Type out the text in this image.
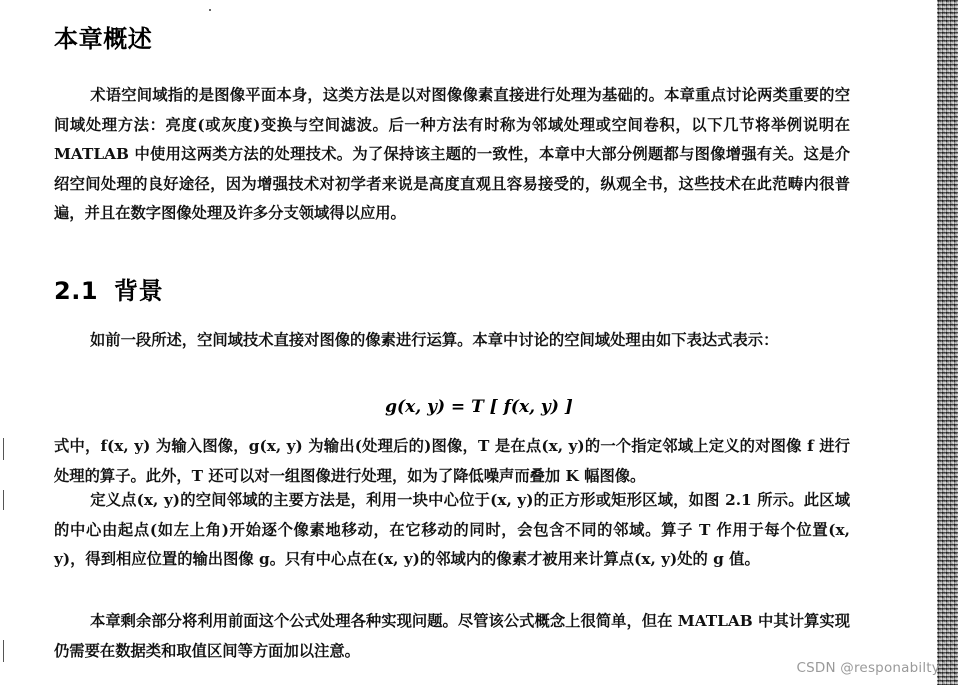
本章概述

术语空间域指的是图像平面本身，这类方法是以对图像像素直接进行处理为基础的。本章重点讨论两类重要的空间域处理方法：亮度(或灰度)变换与空间滤波。后一种方法有时称为邻域处理或空间卷积，以下几节将举例说明在 MATLAB 中使用这两类方法的处理技术。为了保持该主题的一致性，本章中大部分例题都与图像增强有关。这是介绍空间处理的良好途径，因为增强技术对初学者来说是高度直观且容易接受的，纵观全书，这些技术在此范畴内很普遍，并且在数字图像处理及许多分支领域得以应用。

2.1 背景

如前一段所述，空间域技术直接对图像的像素进行运算。本章中讨论的空间域处理由如下表达式表示：

g(x, y) = T [ f(x, y) ]

式中，f(x, y) 为输入图像，g(x, y) 为输出(处理后的)图像，T 是在点(x, y)的一个指定邻域上定义的对图像 f 进行处理的算子。此外，T 还可以对一组图像进行处理，如为了降低噪声而叠加 K 幅图像。

定义点(x, y)的空间邻域的主要方法是，利用一块中心位于(x, y)的正方形或矩形区域，如图 2.1 所示。此区域的中心由起点(如左上角)开始逐个像素地移动，在它移动的同时，会包含不同的邻域。算子 T 作用于每个位置(x, y)，得到相应位置的输出图像 g。只有中心点在(x, y)的邻域内的像素才被用来计算点(x, y)处的 g 值。

本章剩余部分将利用前面这个公式处理各种实现问题。尽管该公式概念上很简单，但在 MATLAB 中其计算实现仍需要在数据类和取值区间等方面加以注意。

CSDN @responabilty
